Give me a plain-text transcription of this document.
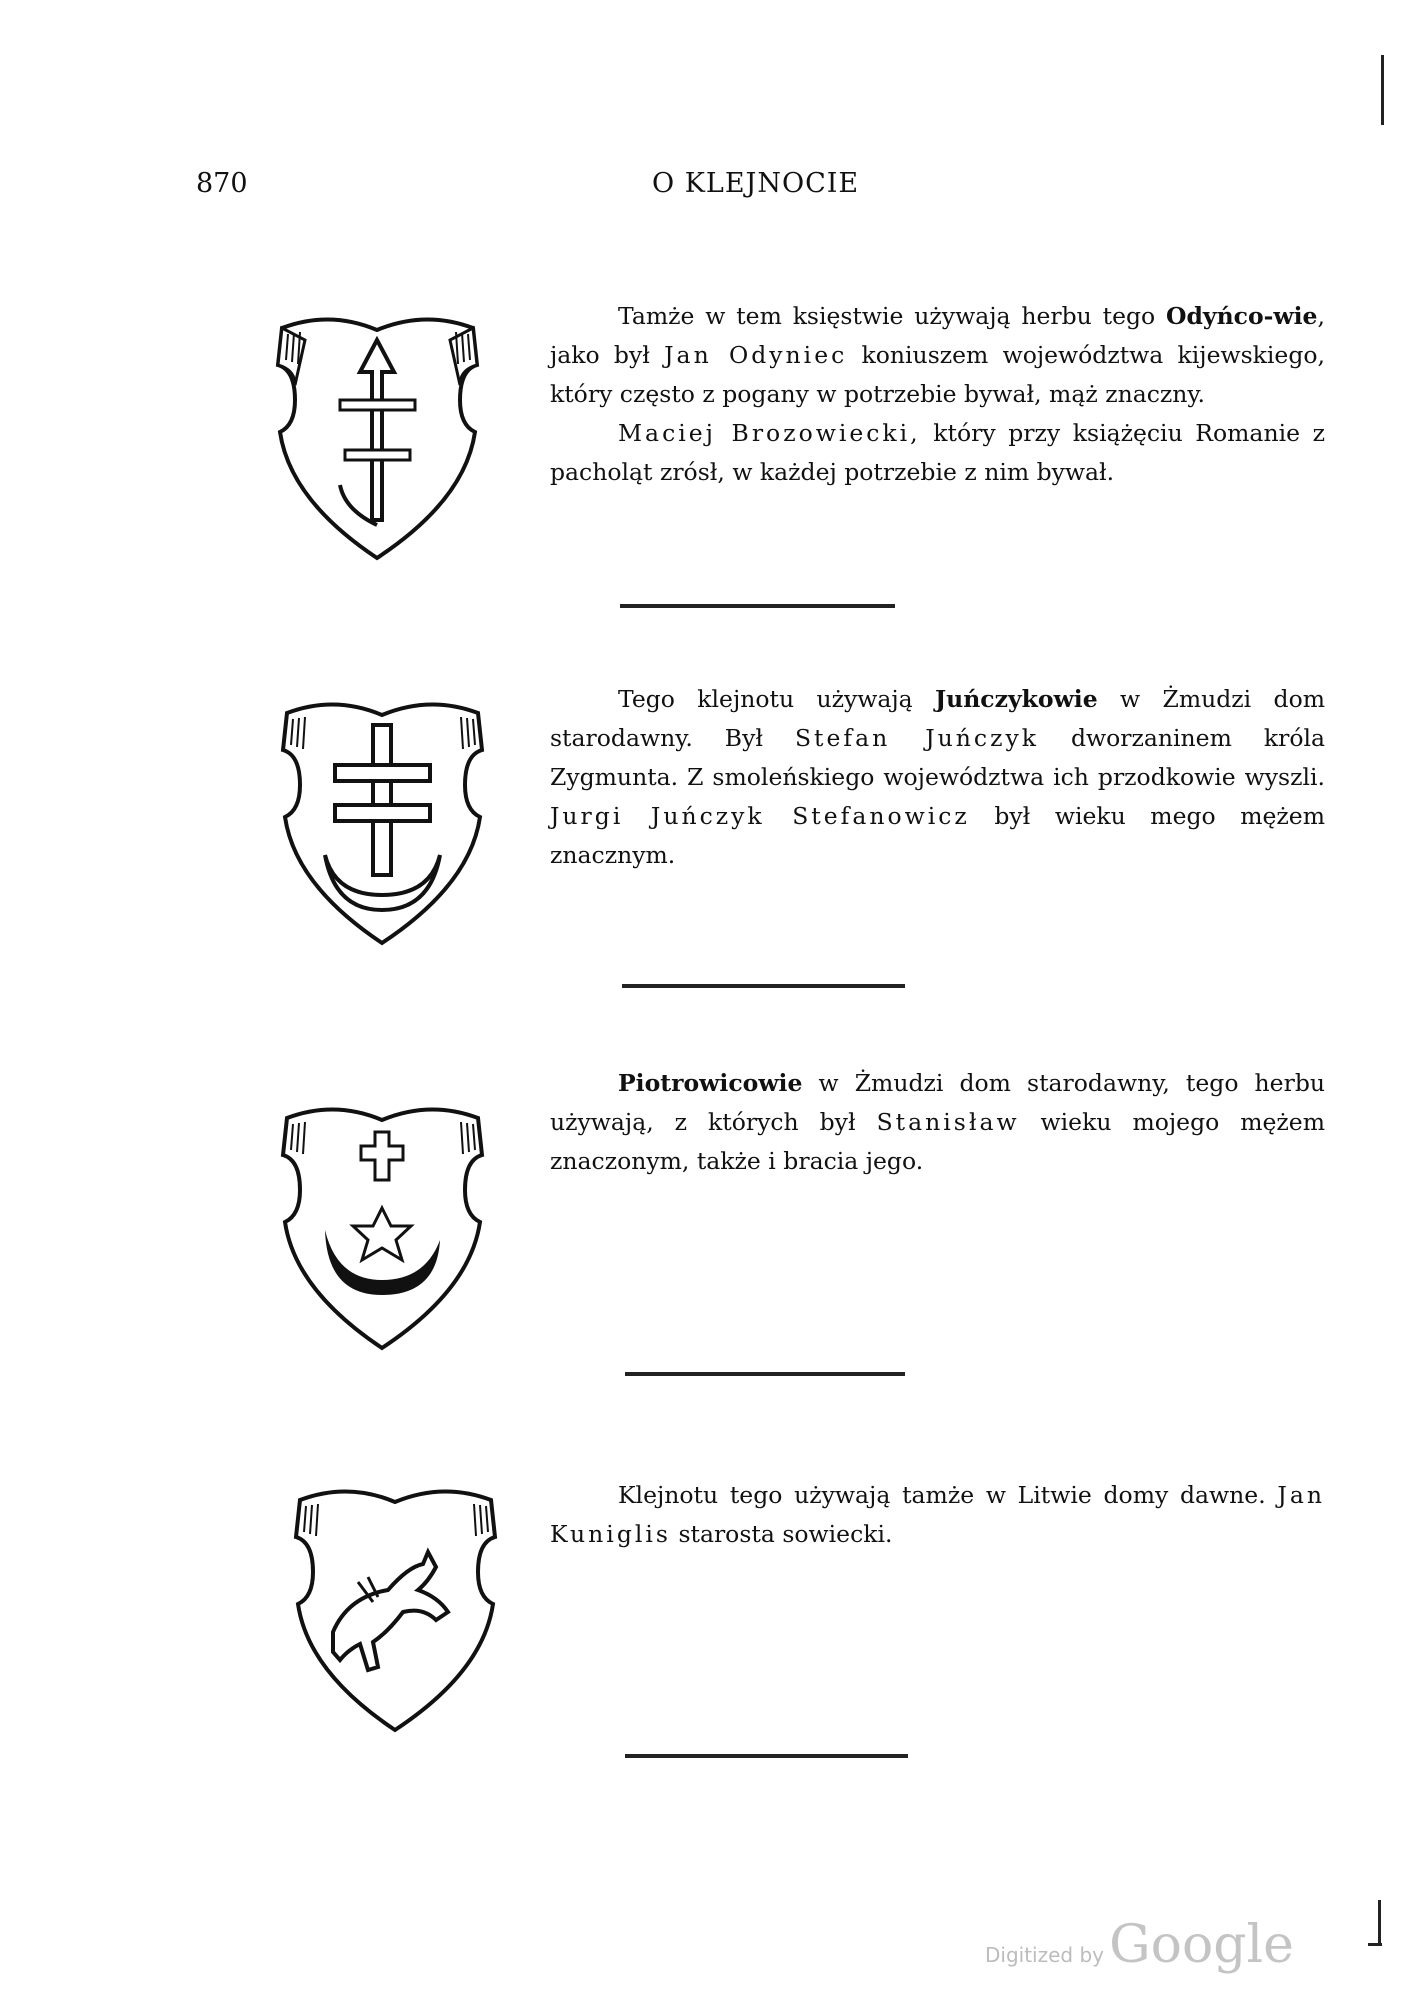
870	O KLEJNOCIE

Tamże w tem księstwie używają herbu tego Odyńco-wie, jako był Jan Odyniec koniuszem województwa kijewskiego, który często z pogany w potrzebie bywał, mąż znaczny.

Maciej Brozowiecki, który przy książęciu Romanie z pacholąt zrósł, w każdej potrzebie z nim bywał.

Tego klejnotu używają Juńczykowie w Żmudzi dom starodawny. Był Stefan Juńczyk dworzaninem króla Zygmunta. Z smoleńskiego województwa ich przodkowie wyszli. Jurgi Juńczyk Stefanowicz był wieku mego mężem znacznym.

Piotrowicowie w Żmudzi dom starodawny, tego herbu używają, z których był Stanisław wieku mojego mężem znaczonym, także i bracia jego.

Klejnotu tego używają tamże w Litwie domy dawne. Jan Kuniglis starosta sowiecki.

Digitized by Google
